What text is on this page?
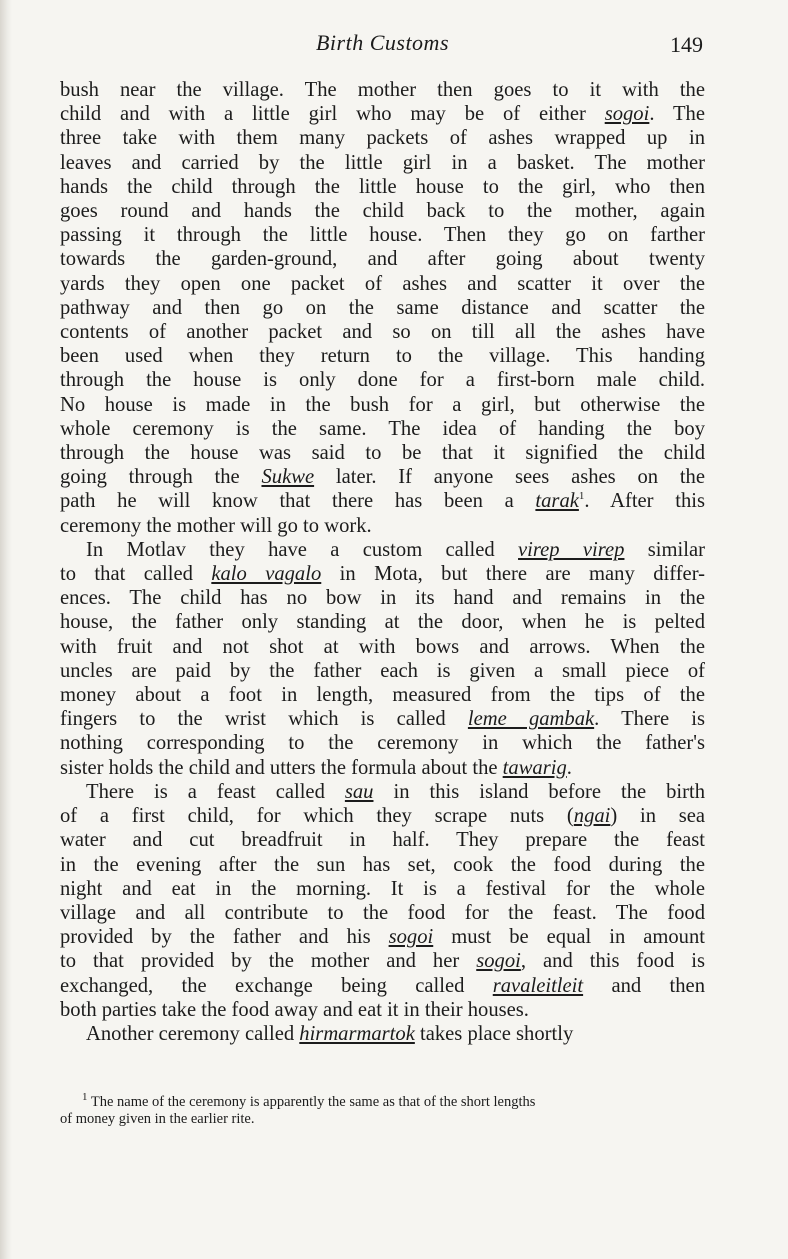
Birth Customs	149
bush near the village. The mother then goes to it with the
child and with a little girl who may be of either sogoi. The
three take with them many packets of ashes wrapped up in
leaves and carried by the little girl in a basket. The mother
hands the child through the little house to the girl, who then
goes round and hands the child back to the mother, again
passing it through the little house. Then they go on farther
towards the garden-ground, and after going about twenty
yards they open one packet of ashes and scatter it over the
pathway and then go on the same distance and scatter the
contents of another packet and so on till all the ashes have
been used when they return to the village. This handing
through the house is only done for a first-born male child.
No house is made in the bush for a girl, but otherwise the
whole ceremony is the same. The idea of handing the boy
through the house was said to be that it signified the child
going through the Sukwe later. If anyone sees ashes on the
path he will know that there has been a tarak$^1$. After this
ceremony the mother will go to work.
In Motlav they have a custom called virep virep similar
to that called kalo vagalo in Mota, but there are many differ-
ences. The child has no bow in its hand and remains in the
house, the father only standing at the door, when he is pelted
with fruit and not shot at with bows and arrows. When the
uncles are paid by the father each is given a small piece of
money about a foot in length, measured from the tips of the
fingers to the wrist which is called leme gambak. There is
nothing corresponding to the ceremony in which the father's
sister holds the child and utters the formula about the tawarig.
There is a feast called sau in this island before the birth
of a first child, for which they scrape nuts (ngai) in sea
water and cut breadfruit in half. They prepare the feast
in the evening after the sun has set, cook the food during the
night and eat in the morning. It is a festival for the whole
village and all contribute to the food for the feast. The food
provided by the father and his sogoi must be equal in amount
to that provided by the mother and her sogoi, and this food is
exchanged, the exchange being called ravaleitleit and then
both parties take the food away and eat it in their houses.
Another ceremony called hirmarmartok takes place shortly
$^1$ The name of the ceremony is apparently the same as that of the short lengths
of money given in the earlier rite.
